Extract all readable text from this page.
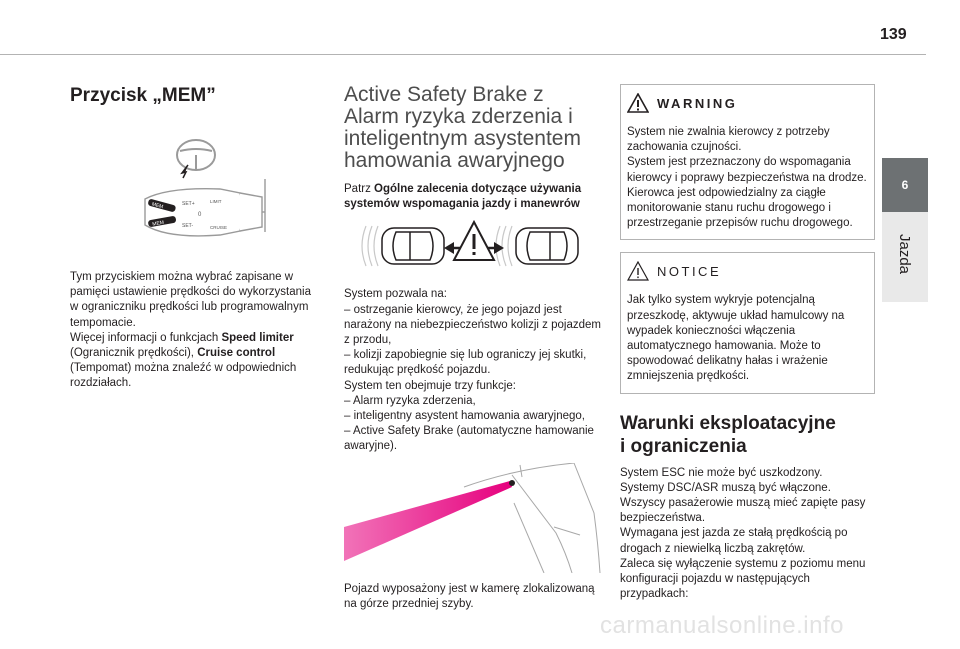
139
6
Jazda
Przycisk „MEM”
MEM
MEM
SET+
SET-
0
LIMIT
CRUISE

Tym przyciskiem można wybrać zapisane w pamięci ustawienie prędkości do wykorzystania w ograniczniku prędkości lub programowalnym tempomacie.

Więcej informacji o funkcjach Speed limiter (Ogranicznik prędkości), Cruise control (Tempomat) można znaleźć w odpowiednich rozdziałach.

Active Safety Brake z
Alarm ryzyka zderzenia i
inteligentnym asystentem
hamowania awaryjnego

Patrz Ogólne zalecenia dotyczące używania systemów wspomagania jazdy i manewrów

System pozwala na:

– ostrzeganie kierowcy, że jego pojazd jest narażony na niebezpieczeństwo kolizji z pojazdem z przodu,

– kolizji zapobiegnie się lub ograniczy jej skutki, redukując prędkość pojazdu.

System ten obejmuje trzy funkcje:

– Alarm ryzyka zderzenia,

– inteligentny asystent hamowania awaryjnego,

– Active Safety Brake (automatyczne hamowanie awaryjne).

Pojazd wyposażony jest w kamerę zlokalizowaną na górze przedniej szyby.

WARNING

System nie zwalnia kierowcy z potrzeby zachowania czujności.

System jest przeznaczony do wspomagania kierowcy i poprawy bezpieczeństwa na drodze.

Kierowca jest odpowiedzialny za ciągłe monitorowanie stanu ruchu drogowego i przestrzeganie przepisów ruchu drogowego.

NOTICE

Jak tylko system wykryje potencjalną przeszkodę, aktywuje układ hamulcowy na wypadek konieczności włączenia automatycznego hamowania. Może to spowodować delikatny hałas i wrażenie zmniejszenia prędkości.

Warunki eksploatacyjne
i ograniczenia

System ESC nie może być uszkodzony.

Systemy DSC/ASR muszą być włączone.

Wszyscy pasażerowie muszą mieć zapięte pasy bezpieczeństwa.

Wymagana jest jazda ze stałą prędkością po drogach z niewielką liczbą zakrętów.

Zaleca się wyłączenie systemu z poziomu menu konfiguracji pojazdu w następujących przypadkach:

carmanualsonline.info
